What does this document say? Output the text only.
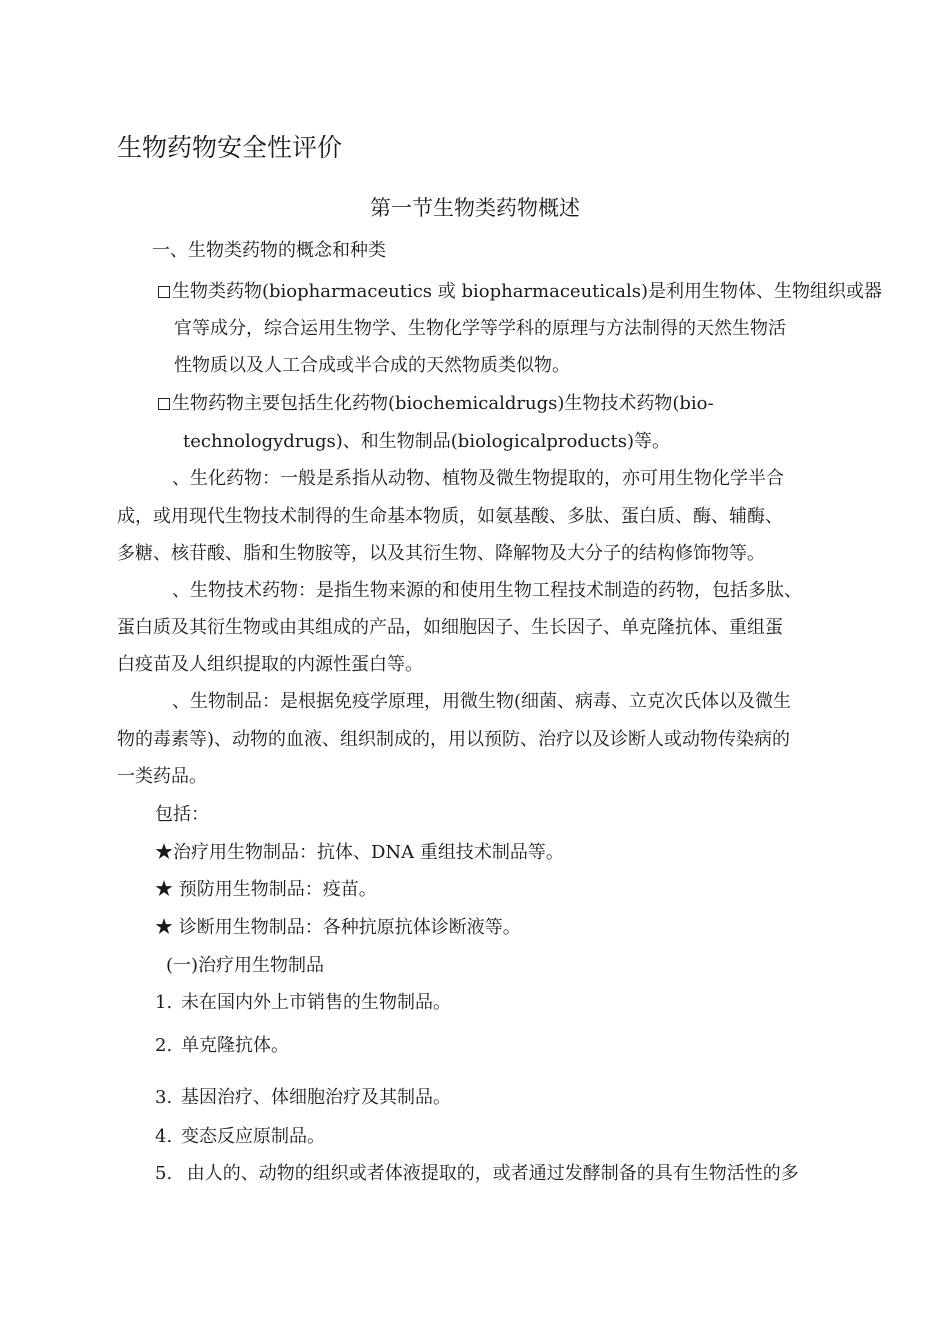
生物药物安全性评价
第一节生物类药物概述
一、生物类药物的概念和种类
生物类药物(biopharmaceutics 或 biopharmaceuticals)是利用生物体、生物组织或器
官等成分，综合运用生物学、生物化学等学科的原理与方法制得的天然生物活
性物质以及人工合成或半合成的天然物质类似物。
生物药物主要包括生化药物(biochemicaldrugs)生物技术药物(bio-
technologydrugs)、和生物制品(biologicalproducts)等。
、生化药物：一般是系指从动物、植物及微生物提取的，亦可用生物化学半合
成，或用现代生物技术制得的生命基本物质，如氨基酸、多肽、蛋白质、酶、辅酶、
多糖、核苷酸、脂和生物胺等，以及其衍生物、降解物及大分子的结构修饰物等。
、生物技术药物：是指生物来源的和使用生物工程技术制造的药物，包括多肽、
蛋白质及其衍生物或由其组成的产品，如细胞因子、生长因子、单克隆抗体、重组蛋
白疫苗及人组织提取的内源性蛋白等。
、生物制品：是根据免疫学原理，用微生物(细菌、病毒、立克次氏体以及微生
物的毒素等)、动物的血液、组织制成的，用以预防、治疗以及诊断人或动物传染病的
一类药品。
包括：
★治疗用生物制品：抗体、DNA 重组技术制品等。
★ 预防用生物制品：疫苗。
★ 诊断用生物制品：各种抗原抗体诊断液等。
(一)治疗用生物制品
1. 未在国内外上市销售的生物制品。
2. 单克隆抗体。
3. 基因治疗、体细胞治疗及其制品。
4. 变态反应原制品。
5. 由人的、动物的组织或者体液提取的，或者通过发酵制备的具有生物活性的多
